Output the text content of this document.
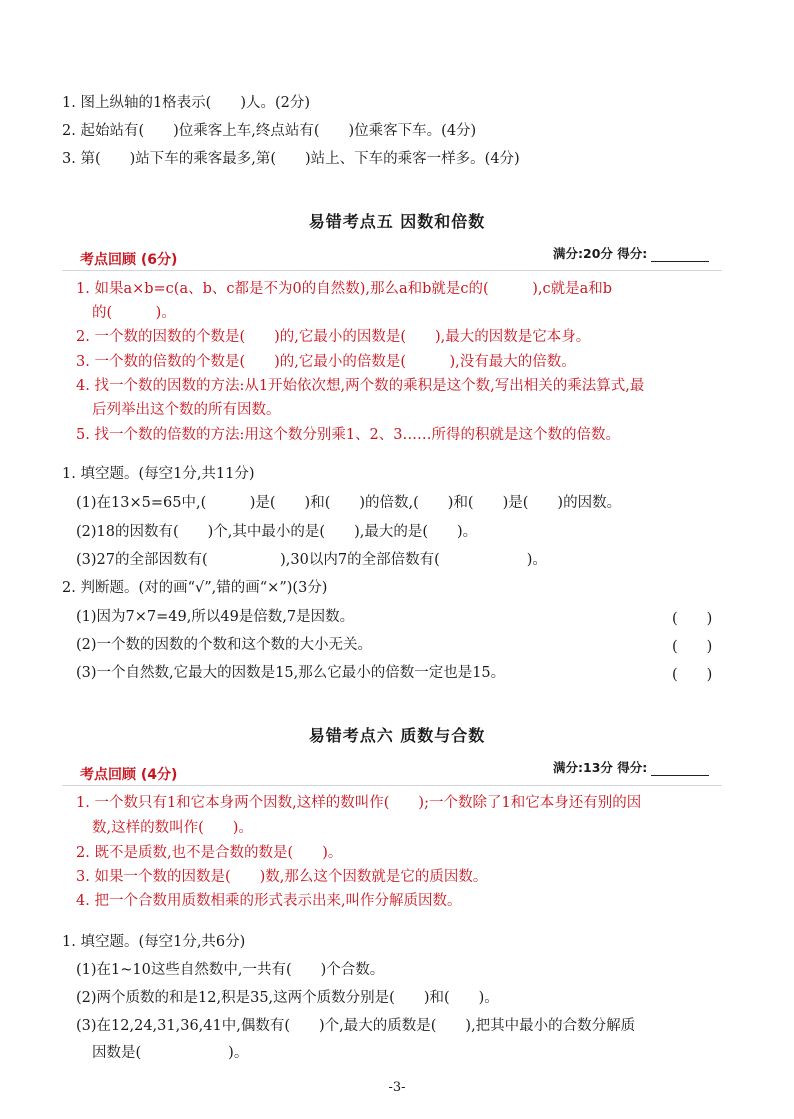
1. 图上纵轴的1格表示(　　)人。(2分)
2. 起始站有(　　)位乘客上车,终点站有(　　)位乘客下车。(4分)
3. 第(　　)站下车的乘客最多,第(　　)站上、下车的乘客一样多。(4分)
易错考点五 因数和倍数
考点回顾 (6分)	满分:20分 得分:
1. 如果a×b=c(a、b、c都是不为0的自然数),那么a和b就是c的(　　　),c就是a和b
的(　　　)。
2. 一个数的因数的个数是(　　)的,它最小的因数是(　　),最大的因数是它本身。
3. 一个数的倍数的个数是(　　)的,它最小的倍数是(　　　),没有最大的倍数。
4. 找一个数的因数的方法:从1开始依次想,两个数的乘积是这个数,写出相关的乘法算式,最
后列举出这个数的所有因数。
5. 找一个数的倍数的方法:用这个数分别乘1、2、3……所得的积就是这个数的倍数。
1. 填空题。(每空1分,共11分)
(1)在13×5=65中,(　　　)是(　　)和(　　)的倍数,(　　)和(　　)是(　　)的因数。
(2)18的因数有(　　)个,其中最小的是(　　),最大的是(　　)。
(3)27的全部因数有(　　　　　),30以内7的全部倍数有(　　　　　　)。
2. 判断题。(对的画“√”,错的画“×”)(3分)
(1)因为7×7=49,所以49是倍数,7是因数。	(　　)
(2)一个数的因数的个数和这个数的大小无关。	(　　)
(3)一个自然数,它最大的因数是15,那么它最小的倍数一定也是15。	(　　)
易错考点六 质数与合数
考点回顾 (4分)	满分:13分 得分:
1. 一个数只有1和它本身两个因数,这样的数叫作(　　);一个数除了1和它本身还有别的因
数,这样的数叫作(　　)。
2. 既不是质数,也不是合数的数是(　　)。
3. 如果一个数的因数是(　　)数,那么这个因数就是它的质因数。
4. 把一个合数用质数相乘的形式表示出来,叫作分解质因数。
1. 填空题。(每空1分,共6分)
(1)在1~10这些自然数中,一共有(　　)个合数。
(2)两个质数的和是12,积是35,这两个质数分别是(　　)和(　　)。
(3)在12,24,31,36,41中,偶数有(　　)个,最大的质数是(　　),把其中最小的合数分解质
因数是(　　　　　　)。
-3-
